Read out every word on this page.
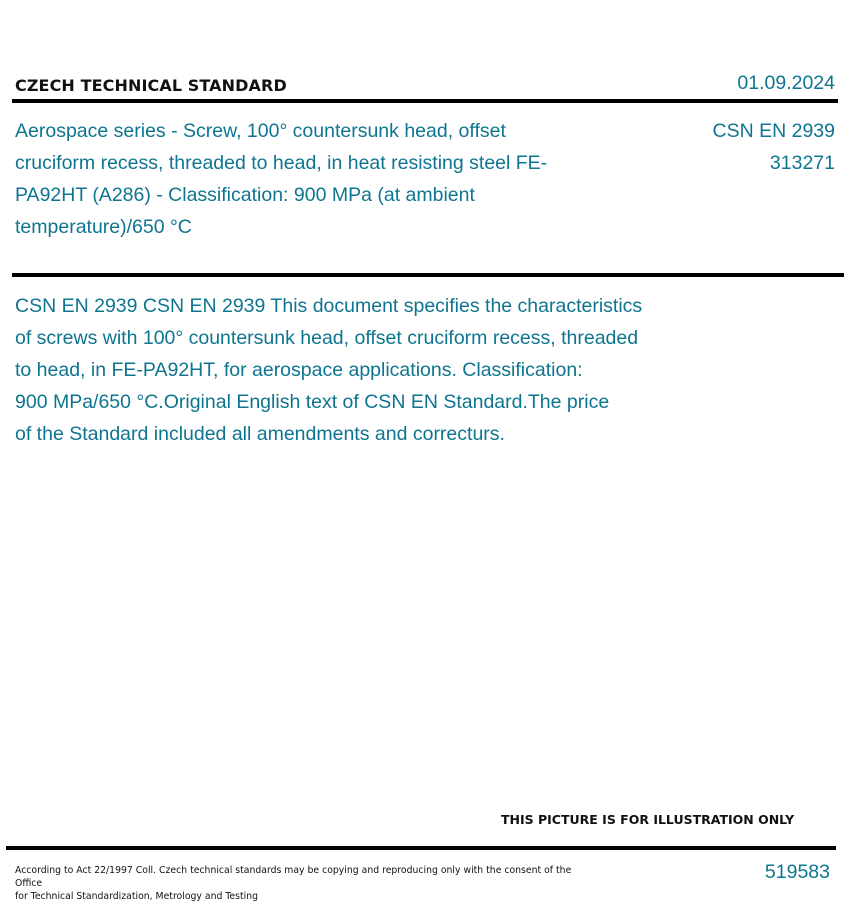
CZECH TECHNICAL STANDARD	01.09.2024
Aerospace series - Screw, 100° countersunk head, offset cruciform recess, threaded to head, in heat resisting steel FE-PA92HT (A286) - Classification: 900 MPa (at ambient temperature)/650 °C
CSN EN 2939
313271

CSN EN 2939 CSN EN 2939 This document specifies the characteristics
of screws with 100° countersunk head, offset cruciform recess, threaded
to head, in FE-PA92HT, for aerospace applications. Classification:
900 MPa/650 °C.Original English text of CSN EN Standard.The price
of the Standard included all amendments and correcturs.

THIS PICTURE IS FOR ILLUSTRATION ONLY
According to Act 22/1997 Coll. Czech technical standards may be copying and reproducing only with the consent of the Office
for Technical Standardization, Metrology and Testing
519583
